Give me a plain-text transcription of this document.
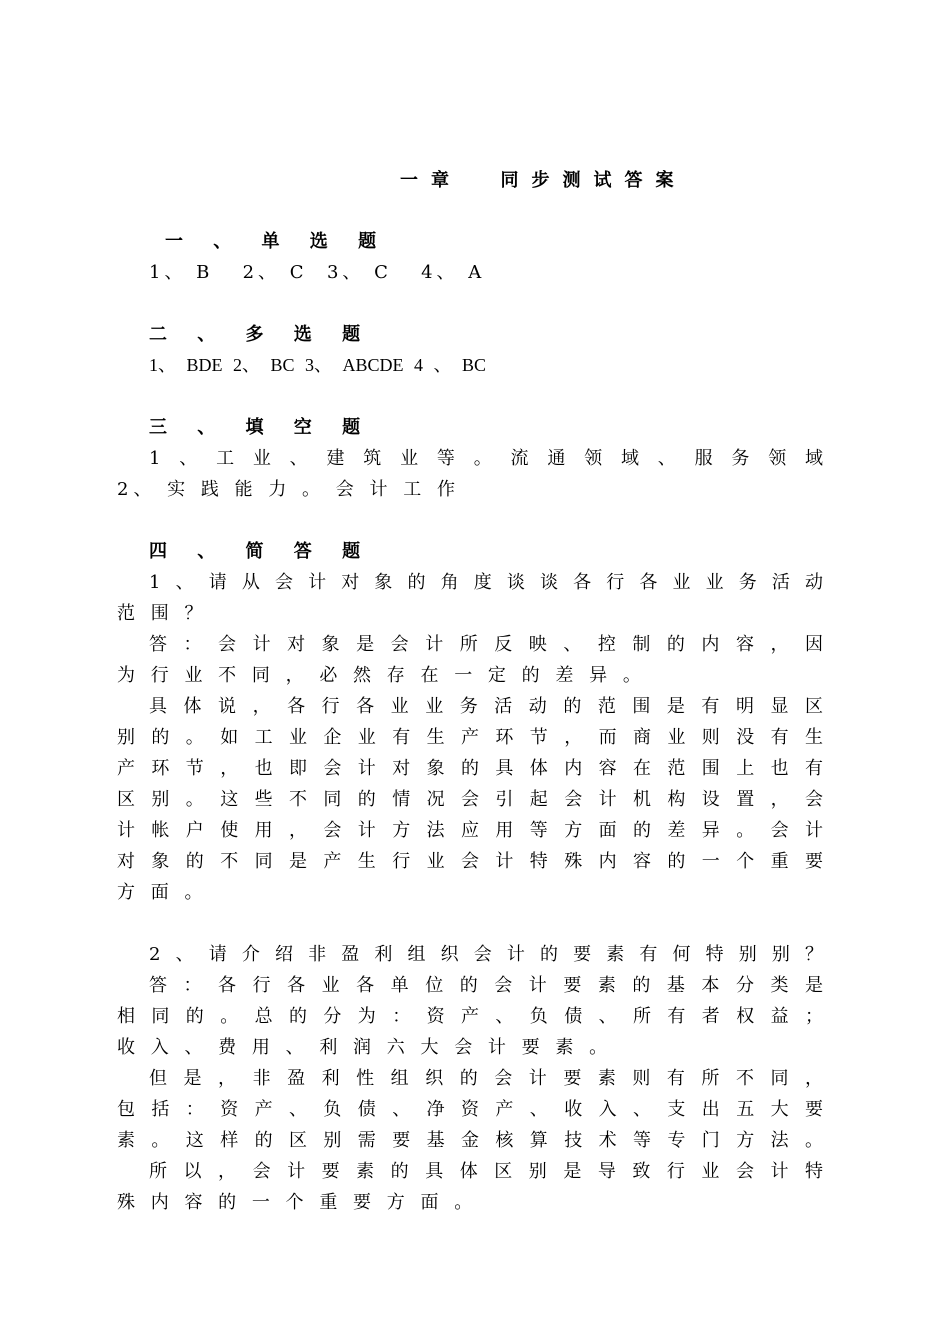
一章  同步测试答案
一 、 单 选 题
1、 B   2、 C  3、 C   4、 A
二 、 多 选 题
1、 BDE 2、 BC 3、 ABCDE 4 、 BC
三 、 填 空 题
1、工业、建筑业等。流通领域、服务领域
2、 实 践 能 力 。 会 计 工 作
四 、 简 答 题
1、请从会计对象的角度谈谈各行各业业务活动
范 围 ？
答：会计对象是会计所反映、控制的内容，因
为 行 业 不 同 ， 必 然 存 在 一 定 的 差 异 。
具体说，各行各业业务活动的范围是有明显区
别的。如工业企业有生产环节，而商业则没有生
产环节，也即会计对象的具体内容在范围上也有
区别。这些不同的情况会引起会计机构设置，会
计帐户使用，会计方法应用等方面的差异。会计
对象的不同是产生行业会计特殊内容的一个重要
方 面 。
2、请介绍非盈利组织会计的要素有何特别别？
答：各行各业各单位的会计要素的基本分类是
相同的。总的分为：资产、负债、所有者权益；
收 入 、 费 用 、 利 润 六 大 会 计 要 素 。
但是，非盈利性组织的会计要素则有所不同，
包括：资产、负债、净资产、收入、支出五大要
素。这样的区别需要基金核算技术等专门方法。
所以，会计要素的具体区别是导致行业会计特
殊 内 容 的 一 个 重 要 方 面 。
